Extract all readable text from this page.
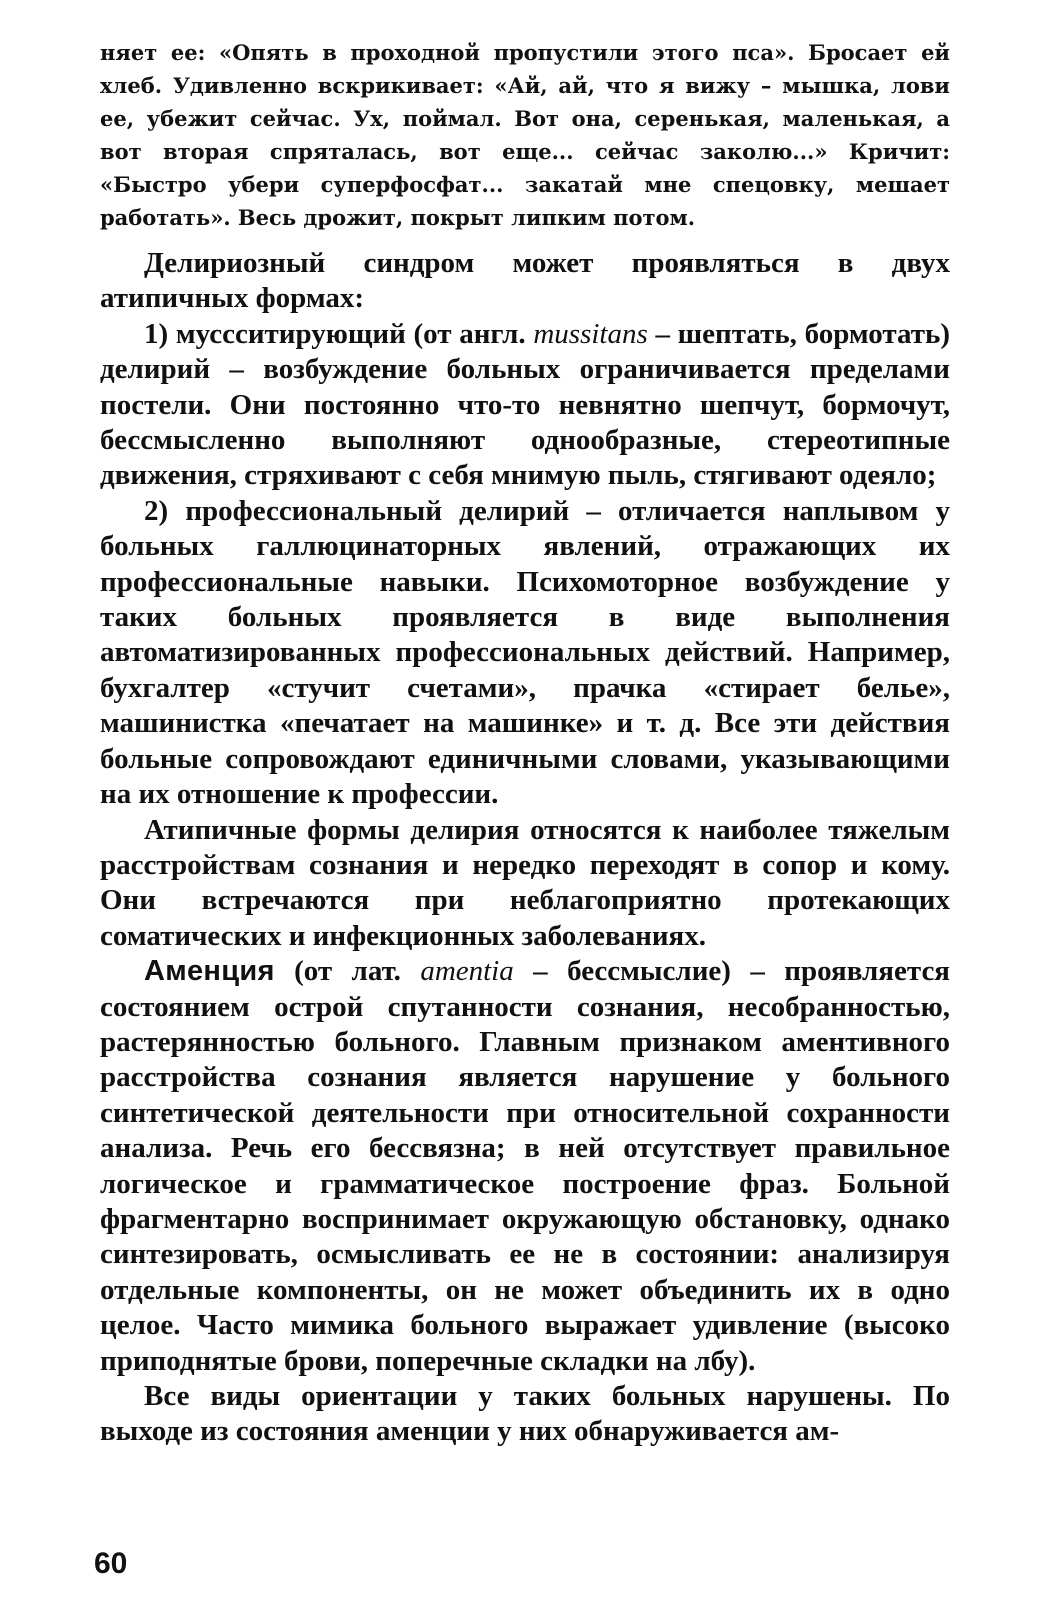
няет ее: «Опять в проходной пропустили этого пса». Бросает ей хлеб. Удивленно вскрикивает: «Ай, ай, что я вижу – мышка, лови ее, убежит сейчас. Ух, поймал. Вот она, серенькая, маленькая, а вот вторая спряталась, вот еще... сейчас заколю...» Кричит: «Быстро убери суперфосфат... закатай мне спецовку, мешает работать». Весь дрожит, покрыт липким потом.

Делириозный синдром может проявляться в двух атипичных формах:

1) муссситирующий (от англ. mussitans – шептать, бормотать) делирий – возбуждение больных ограничивается пределами постели. Они постоянно что-то невнятно шепчут, бормочут, бессмысленно выполняют однообразные, стереотипные движения, стряхивают с себя мнимую пыль, стягивают одеяло;

2) профессиональный делирий – отличается наплывом у больных галлюцинаторных явлений, отражающих их профессиональные навыки. Психомоторное возбуждение у таких больных проявляется в виде выполнения автоматизированных профессиональных действий. Например, бухгалтер «стучит счетами», прачка «стирает белье», машинистка «печатает на машинке» и т. д. Все эти действия больные сопровождают единичными словами, указывающими на их отношение к профессии.

Атипичные формы делирия относятся к наиболее тяжелым расстройствам сознания и нередко переходят в сопор и кому. Они встречаются при неблагоприятно протекающих соматических и инфекционных заболеваниях.

Аменция (от лат. amentia – бессмыслие) – проявляется состоянием острой спутанности сознания, несобранностью, растерянностью больного. Главным признаком аментивного расстройства сознания является нарушение у больного синтетической деятельности при относительной сохранности анализа. Речь его бессвязна; в ней отсутствует правильное логическое и грамматическое построение фраз. Больной фрагментарно воспринимает окружающую обстановку, однако синтезировать, осмысливать ее не в состоянии: анализируя отдельные компоненты, он не может объединить их в одно целое. Часто мимика больного выражает удивление (высоко приподнятые брови, поперечные складки на лбу).

Все виды ориентации у таких больных нарушены. По выходе из состояния аменции у них обнаруживается ам-

60
